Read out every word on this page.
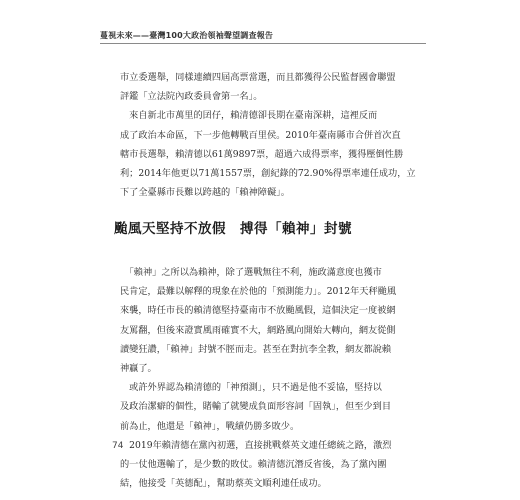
蔓視未來——臺灣100大政治領袖聲望調查報告
市立委選舉，同樣連續四屆高票當選，而且都獲得公民監督國會聯盟
評鑑「立法院內政委員會第一名」。
　來自新北市萬里的囝仔，賴清德卻長期在臺南深耕，這裡反而
成了政治本命區，下一步他轉戰百里侯。2010年臺南縣市合併首次直
轄市長選舉，賴清德以61萬9897票，超過六成得票率，獲得壓倒性勝
利；2014年他更以71萬1557票，創紀錄的72.90%得票率連任成功，立
下了全臺縣市長難以跨越的「賴神障礙」。
颱風天堅持不放假　搏得「賴神」封號
　「賴神」之所以為賴神，除了選戰無往不利，施政滿意度也獲市
民肯定，最難以解釋的現象在於他的「預測能力」。2012年天秤颱風
來襲，時任市長的賴清德堅持臺南市不放颱風假，這個決定一度被網
友罵翻，但後來證實風雨確實不大，網路風向開始大轉向，網友從側
讀變狂讚，「賴神」封號不脛而走。甚至在對抗李全教，網友都說賴
神贏了。
　或許外界認為賴清德的「神預測」，只不過是他不妥協，堅持以
及政治潔癖的個性，賭輸了就變成負面形容詞「固執」，但至少到目
前為止，他還是「賴神」，戰績仍勝多敗少。
　2019年賴清德在黨內初選，直接挑戰蔡英文連任總統之路，激烈
的一仗他選輸了，是少數的敗仗。賴清德沉潛反省後，為了黨內團
結，他接受「英德配」，幫助蔡英文順利連任成功。
74
